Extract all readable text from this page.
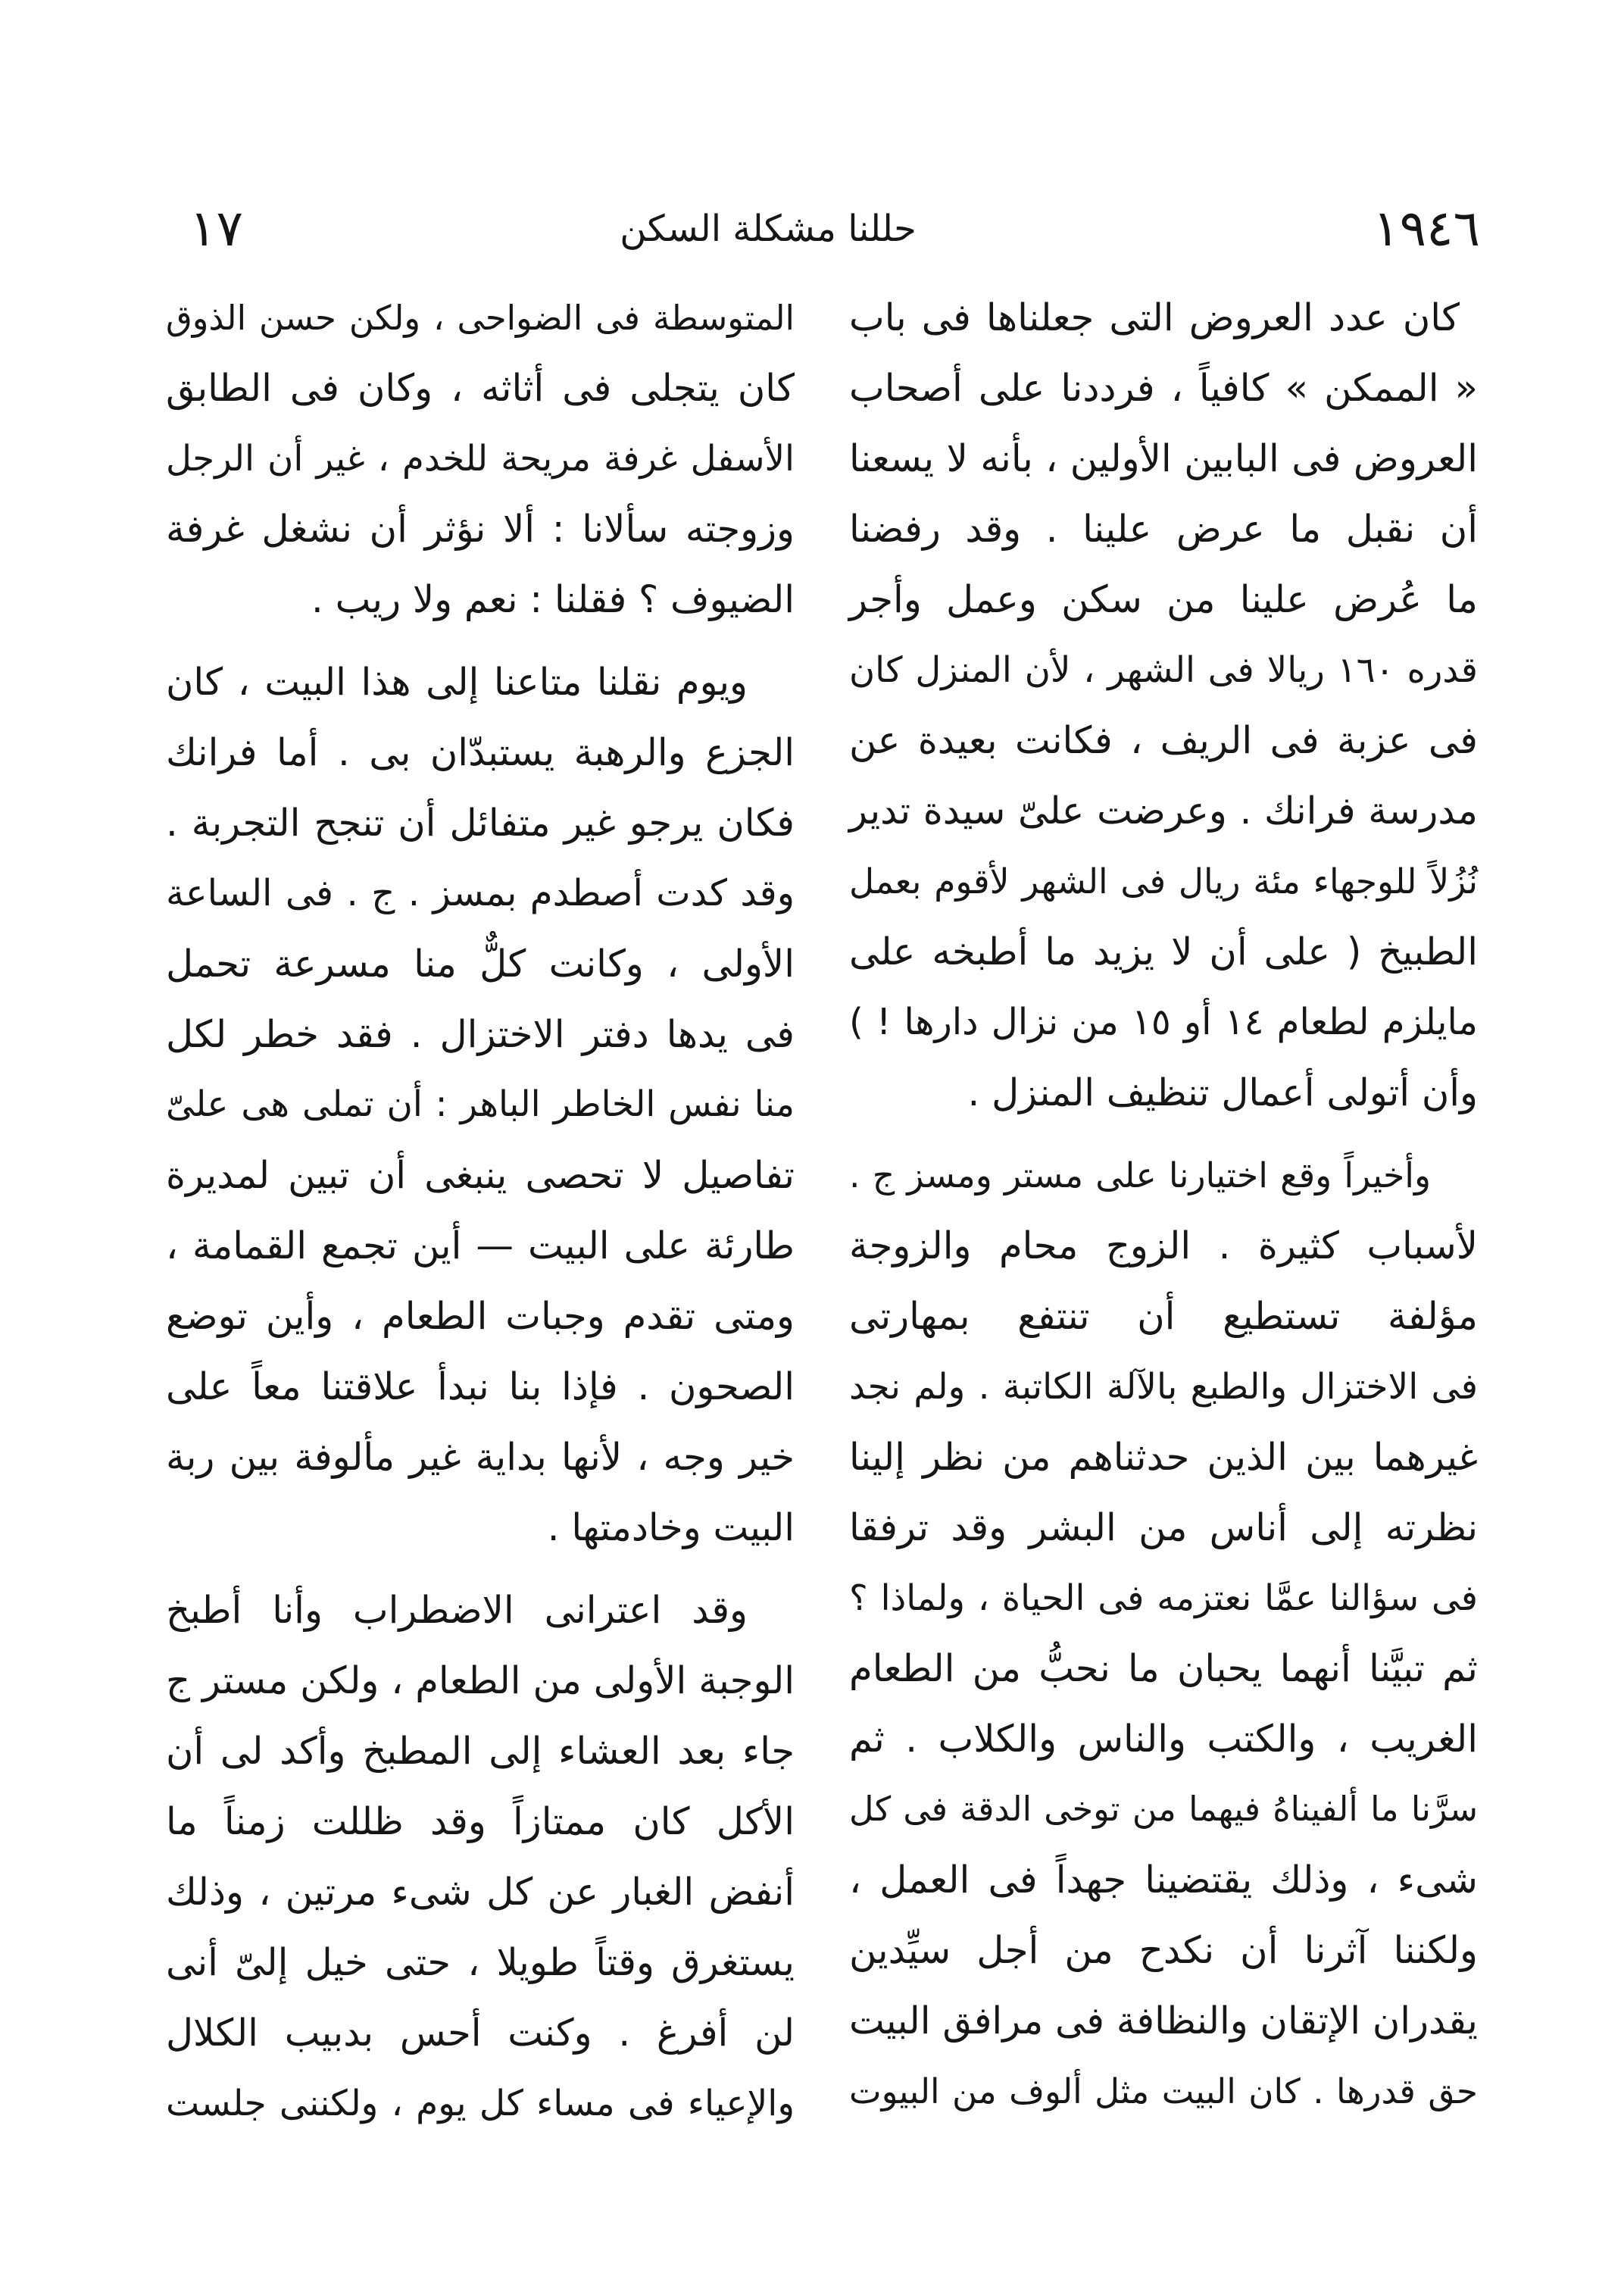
١٩٤٦
حللنا مشكلة السكن
١٧
كان عدد العروض التى جعلناها فى باب
« الممكن » كافياً ، فرددنا على أصحاب
العروض فى البابين الأولين ، بأنه لا يسعنا
أن نقبل ما عرض علينا . وقد رفضنا
ما عُرض علينا من سكن وعمل وأجر
قدره ١٦٠ ريالا فى الشهر ، لأن المنزل كان
فى عزبة فى الريف ، فكانت بعيدة عن
مدرسة فرانك . وعرضت علىّ سيدة تدير
نُزُلاً للوجهاء مئة ريال فى الشهر لأقوم بعمل
الطبيخ ( على أن لا يزيد ما أطبخه على
مايلزم لطعام ١٤ أو ١٥ من نزال دارها ! )
وأن أتولى أعمال تنظيف المنزل .
وأخيراً وقع اختيارنا على مستر ومسز ج .
لأسباب كثيرة . الزوج محام والزوجة
مؤلفة تستطيع أن تنتفع بمهارتى
فى الاختزال والطبع بالآلة الكاتبة . ولم نجد
غيرهما بين الذين حدثناهم من نظر إلينا
نظرته إلى أناس من البشر وقد ترفقا
فى سؤالنا عمَّا نعتزمه فى الحياة ، ولماذا ؟
ثم تبيَّنا أنهما يحبان ما نحبُّ من الطعام
الغريب ، والكتب والناس والكلاب . ثم
سرَّنا ما ألفيناهُ فيهما من توخى الدقة فى كل
شىء ، وذلك يقتضينا جهداً فى العمل ،
ولكننا آثرنا أن نكدح من أجل سيِّدين
يقدران الإتقان والنظافة فى مرافق البيت
حق قدرها . كان البيت مثل ألوف من البيوت
المتوسطة فى الضواحى ، ولكن حسن الذوق
كان يتجلى فى أثاثه ، وكان فى الطابق
الأسفل غرفة مريحة للخدم ، غير أن الرجل
وزوجته سألانا : ألا نؤثر أن نشغل غرفة
الضيوف ؟ فقلنا : نعم ولا ريب .
ويوم نقلنا متاعنا إلى هذا البيت ، كان
الجزع والرهبة يستبدّان بى . أما فرانك
فكان يرجو غير متفائل أن تنجح التجربة .
وقد كدت أصطدم بمسز . ج . فى الساعة
الأولى ، وكانت كلٌّ منا مسرعة تحمل
فى يدها دفتر الاختزال . فقد خطر لكل
منا نفس الخاطر الباهر : أن تملى هى علىّ
تفاصيل لا تحصى ينبغى أن تبين لمديرة
طارئة على البيت — أين تجمع القمامة ،
ومتى تقدم وجبات الطعام ، وأين توضع
الصحون . فإذا بنا نبدأ علاقتنا معاً على
خير وجه ، لأنها بداية غير مألوفة بين ربة
البيت وخادمتها .
وقد اعترانى الاضطراب وأنا أطبخ
الوجبة الأولى من الطعام ، ولكن مستر ج
جاء بعد العشاء إلى المطبخ وأكد لى أن
الأكل كان ممتازاً وقد ظللت زمناً ما
أنفض الغبار عن كل شىء مرتين ، وذلك
يستغرق وقتاً طويلا ، حتى خيل إلىّ أنى
لن أفرغ . وكنت أحس بدبيب الكلال
والإعياء فى مساء كل يوم ، ولكننى جلست
